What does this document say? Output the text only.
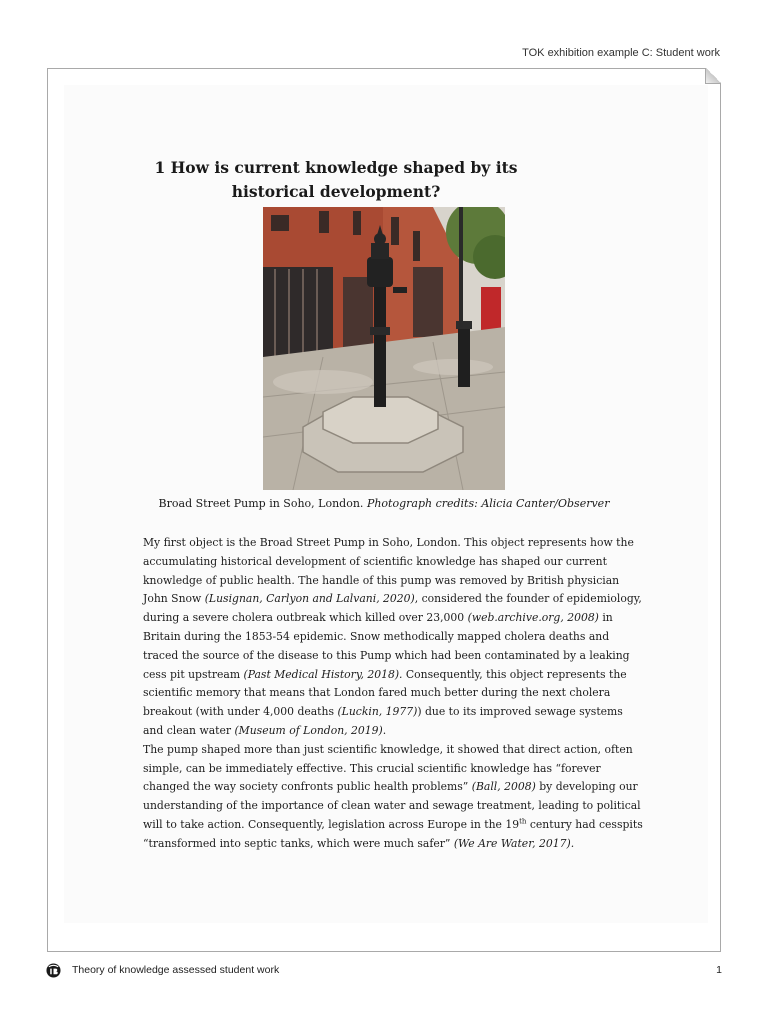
TOK exhibition example C: Student work
1 How is current knowledge shaped by its historical development?
Broad Street Pump in Soho, London. Photograph credits: Alicia Canter/Observer

My first object is the Broad Street Pump in Soho, London. This object represents how the accumulating historical development of scientific knowledge has shaped our current knowledge of public health. The handle of this pump was removed by British physician John Snow (Lusignan, Carlyon and Lalvani, 2020), considered the founder of epidemiology, during a severe cholera outbreak which killed over 23,000 (web.archive.org, 2008) in Britain during the 1853-54 epidemic. Snow methodically mapped cholera deaths and traced the source of the disease to this Pump which had been contaminated by a leaking cess pit upstream (Past Medical History, 2018). Consequently, this object represents the scientific memory that means that London fared much better during the next cholera breakout (with under 4,000 deaths (Luckin, 1977)) due to its improved sewage systems and clean water (Museum of London, 2019).

The pump shaped more than just scientific knowledge, it showed that direct action, often simple, can be immediately effective. This crucial scientific knowledge has “forever changed the way society confronts public health problems” (Ball, 2008) by developing our understanding of the importance of clean water and sewage treatment, leading to political will to take action. Consequently, legislation across Europe in the 19th century had cesspits “transformed into septic tanks, which were much safer” (We Are Water, 2017).

Theory of knowledge assessed student work	1
